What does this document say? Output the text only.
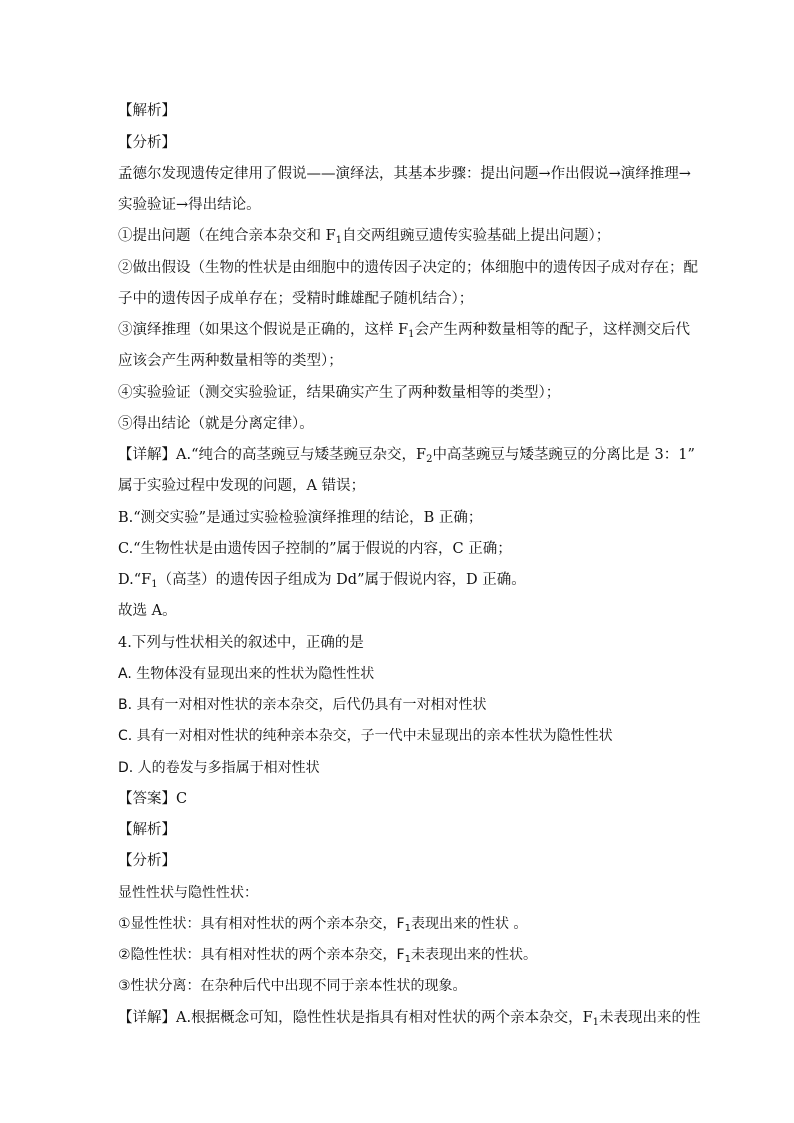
【解析】
【分析】
孟德尔发现遗传定律用了假说——演绎法，其基本步骤：提出问题→作出假说→演绎推理→
实验验证→得出结论。
①提出问题（在纯合亲本杂交和 $F_1$自交两组豌豆遗传实验基础上提出问题）；
②做出假设（生物的性状是由细胞中的遗传因子决定的；体细胞中的遗传因子成对存在；配
子中的遗传因子成单存在；受精时雌雄配子随机结合）；
③演绎推理（如果这个假说是正确的，这样 $F_1$会产生两种数量相等的配子，这样测交后代
应该会产生两种数量相等的类型）；
④实验验证（测交实验验证，结果确实产生了两种数量相等的类型）；
⑤得出结论（就是分离定律）。
【详解】A.“纯合的高茎豌豆与矮茎豌豆杂交，$F_2$中高茎豌豆与矮茎豌豆的分离比是 3：1”
属于实验过程中发现的问题，A 错误；
B.“测交实验”是通过实验检验演绎推理的结论，B 正确；
C.“生物性状是由遗传因子控制的”属于假说的内容，C 正确；
$D.“F_1$（高茎）的遗传因子组成为 Dd”属于假说内容，D 正确。
故选 A。
4.下列与性状相关的叙述中，正确的是
A. 生物体没有显现出来的性状为隐性性状
B. 具有一对相对性状的亲本杂交，后代仍具有一对相对性状
C. 具有一对相对性状的纯种亲本杂交，子一代中未显现出的亲本性状为隐性性状
D. 人的卷发与多指属于相对性状
【答案】C
【解析】
【分析】
显性性状与隐性性状：
①显性性状：具有相对性状的两个亲本杂交，$F_1$表现出来的性状 。
②隐性性状：具有相对性状的两个亲本杂交，$F_1$未表现出来的性状。
③性状分离：在杂种后代中出现不同于亲本性状的现象。
【详解】A.根据概念可知，隐性性状是指具有相对性状的两个亲本杂交，$F_1$未表现出来的性
